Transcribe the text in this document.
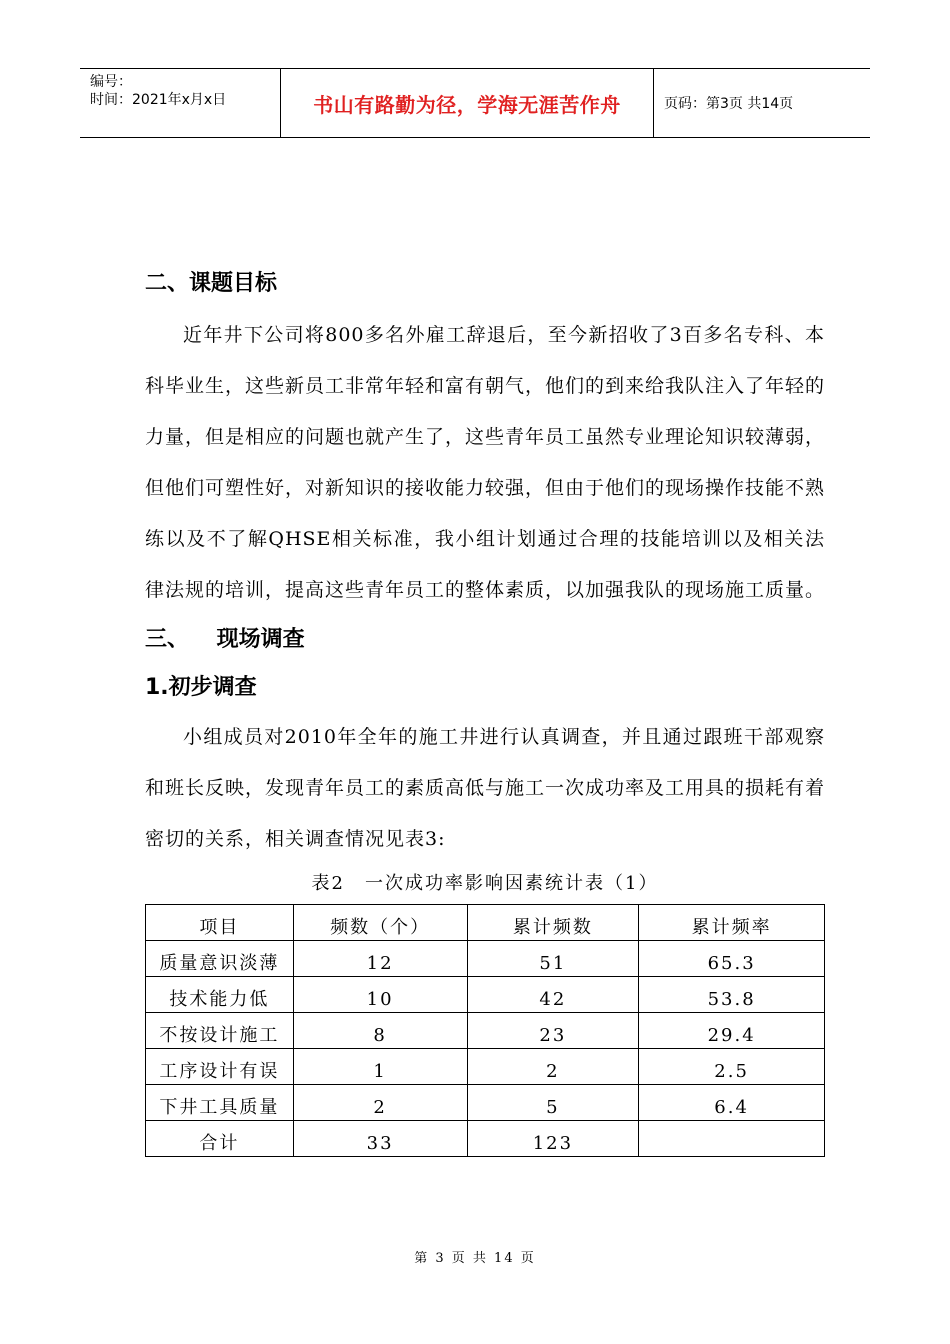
编号：
时间：2021年x月x日	书山有路勤为径，学海无涯苦作舟	页码：第3页 共14页
二、课题目标

近年井下公司将800多名外雇工辞退后，至今新招收了3百多名专科、本科毕业生，这些新员工非常年轻和富有朝气，他们的到来给我队注入了年轻的力量，但是相应的问题也就产生了，这些青年员工虽然专业理论知识较薄弱，但他们可塑性好，对新知识的接收能力较强，但由于他们的现场操作技能不熟练以及不了解QHSE相关标准，我小组计划通过合理的技能培训以及相关法律法规的培训，提高这些青年员工的整体素质，以加强我队的现场施工质量。

三、 现场调查
1.初步调查

小组成员对2010年全年的施工井进行认真调查，并且通过跟班干部观察和班长反映，发现青年员工的素质高低与施工一次成功率及工用具的损耗有着密切的关系，相关调查情况见表3:

表2　一次成功率影响因素统计表（1）
项目	频数（个）	累计频数	累计频率
质量意识淡薄	12	51	65.3
技术能力低	10	42	53.8
不按设计施工	8	23	29.4
工序设计有误	1	2	2.5
下井工具质量	2	5	6.4
合计	33	123	
第 3 页 共 14 页
